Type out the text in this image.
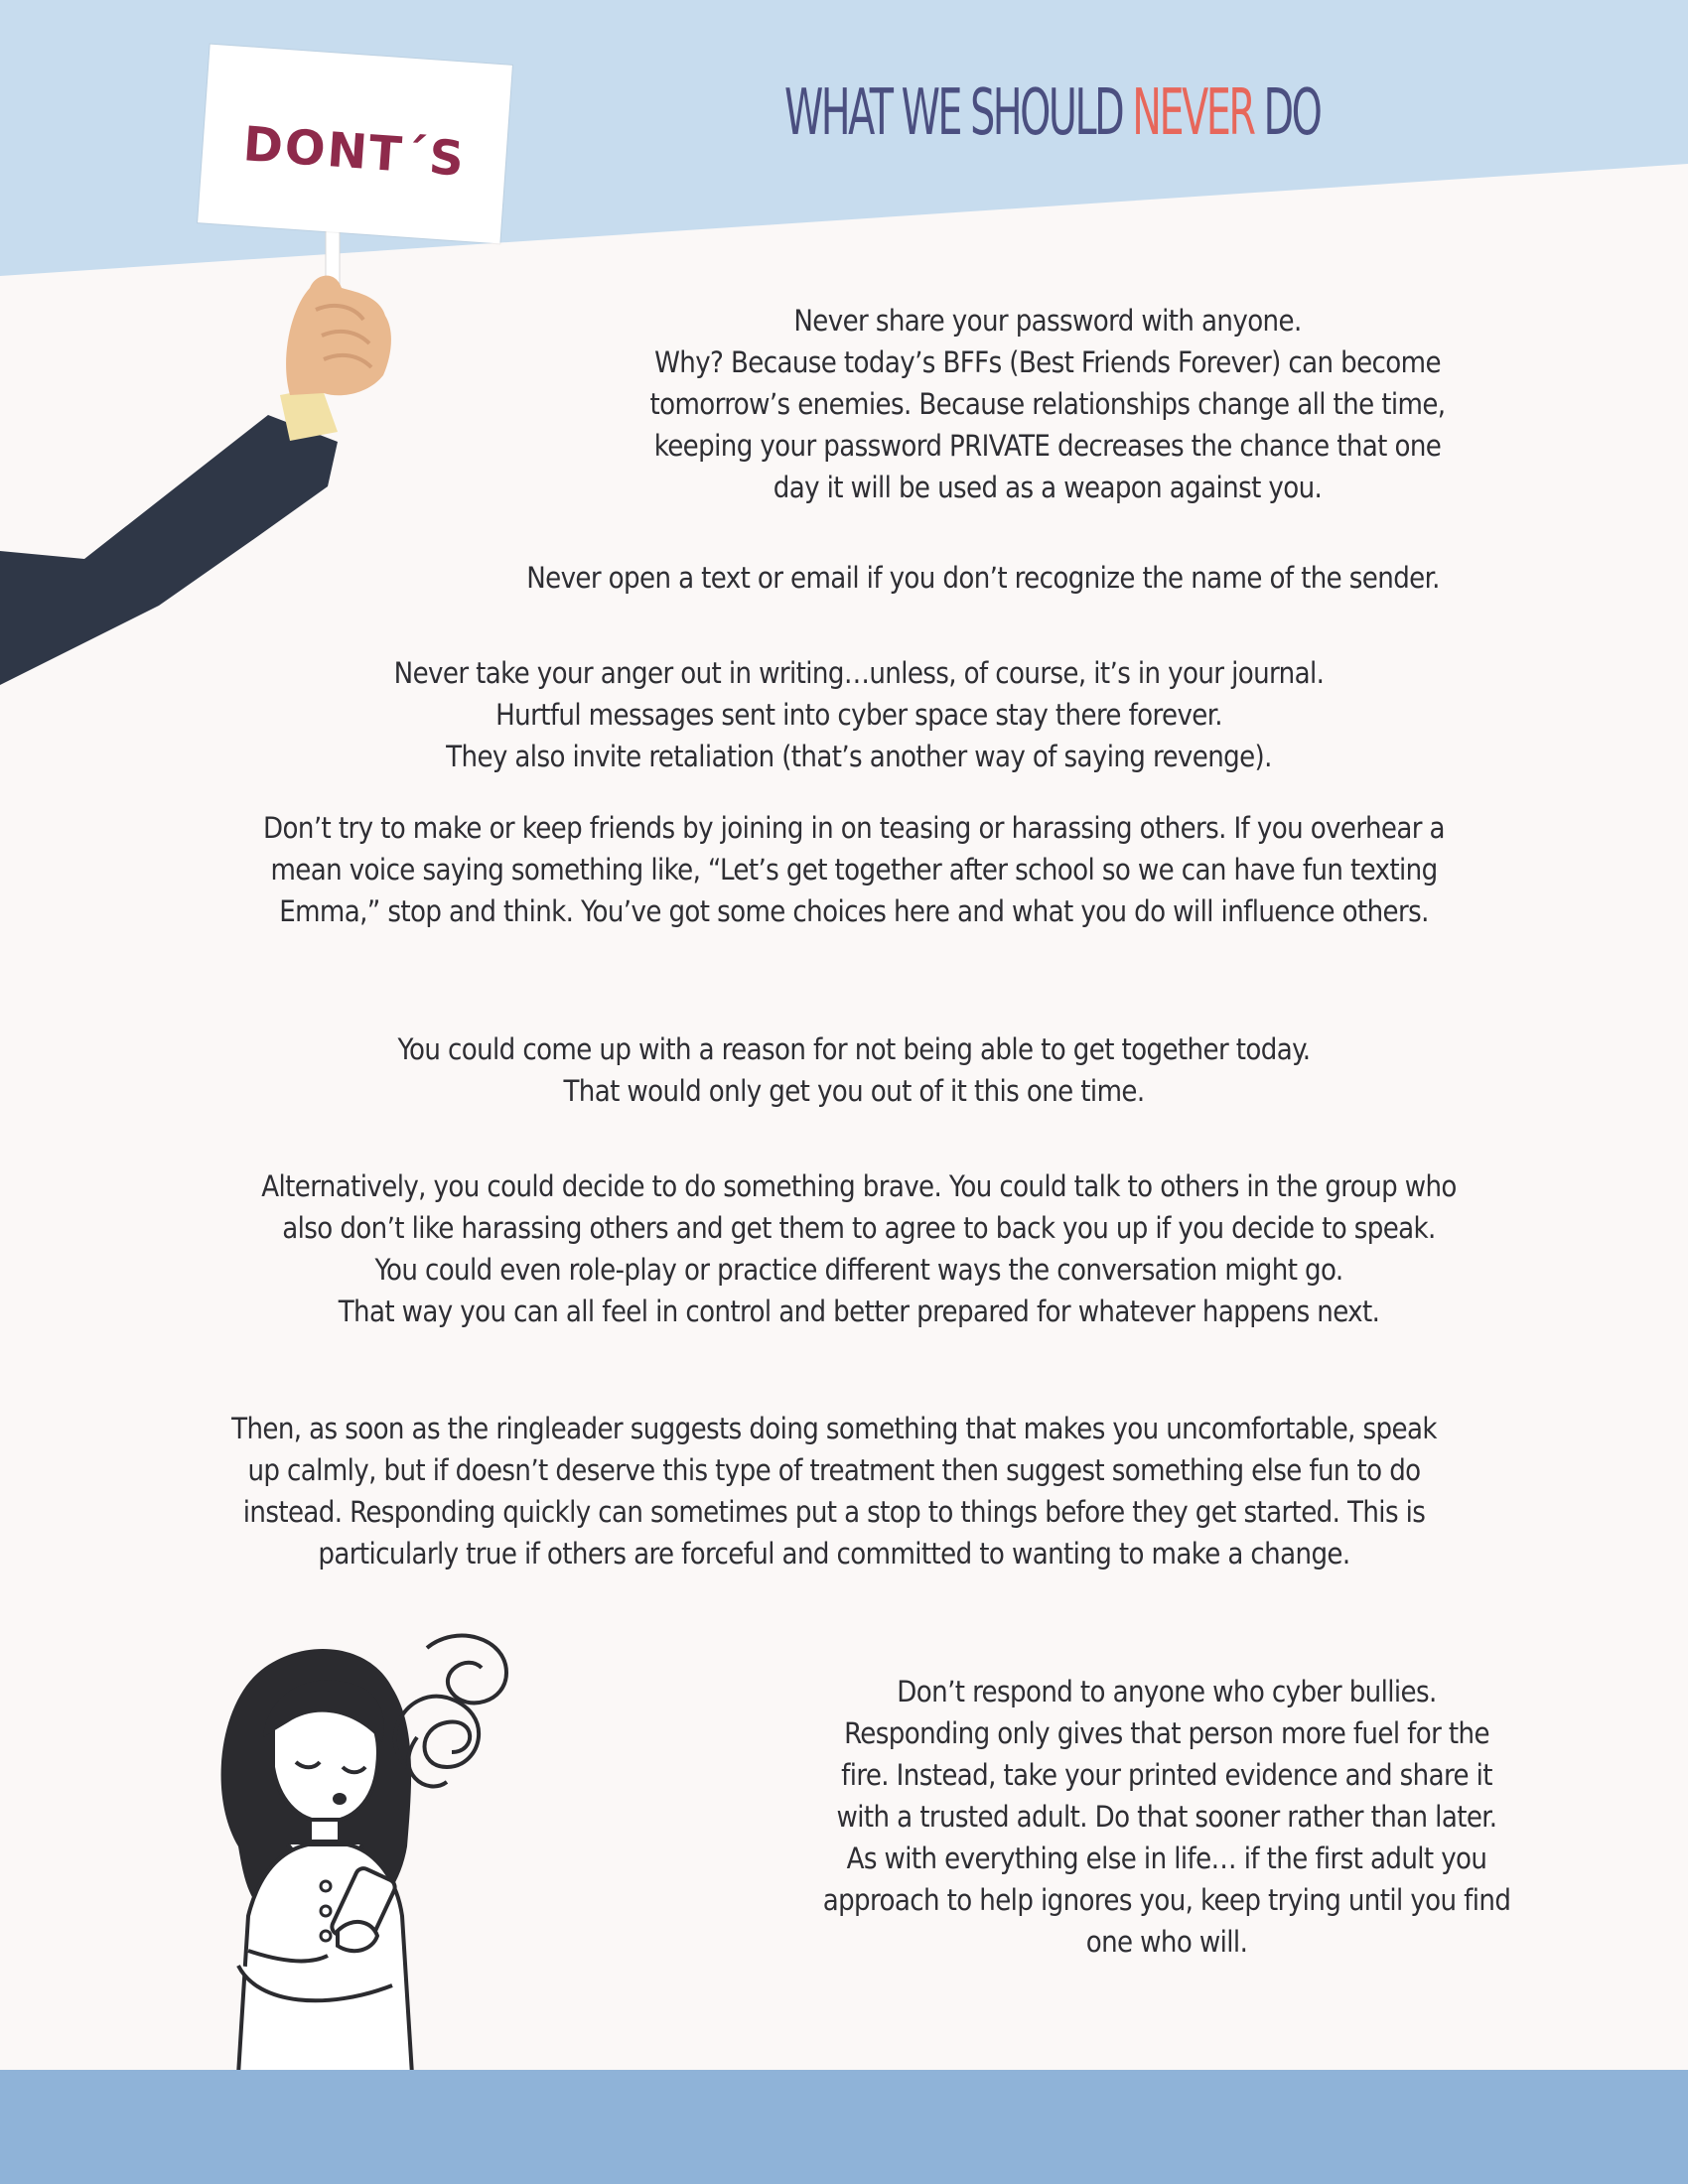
WHAT WE SHOULD NEVER DO
DONT´S
Never share your password with anyone.
Why? Because today’s BFFs (Best Friends Forever) can become
tomorrow’s enemies. Because relationships change all the time,
keeping your password PRIVATE decreases the chance that one
day it will be used as a weapon against you.
Never open a text or email if you don’t recognize the name of the sender.
Never take your anger out in writing…unless, of course, it’s in your journal.
Hurtful messages sent into cyber space stay there forever.
They also invite retaliation (that’s another way of saying revenge).
Don’t try to make or keep friends by joining in on teasing or harassing others. If you overhear a
mean voice saying something like, “Let’s get together after school so we can have fun texting
Emma,” stop and think. You’ve got some choices here and what you do will influence others.
You could come up with a reason for not being able to get together today.
That would only get you out of it this one time.
Alternatively, you could decide to do something brave. You could talk to others in the group who
also don’t like harassing others and get them to agree to back you up if you decide to speak.
You could even role-play or practice different ways the conversation might go.
That way you can all feel in control and better prepared for whatever happens next.
Then, as soon as the ringleader suggests doing something that makes you uncomfortable, speak
up calmly, but if doesn’t deserve this type of treatment then suggest something else fun to do
instead. Responding quickly can sometimes put a stop to things before they get started. This is
particularly true if others are forceful and committed to wanting to make a change.
Don’t respond to anyone who cyber bullies.
Responding only gives that person more fuel for the
fire. Instead, take your printed evidence and share it
with a trusted adult. Do that sooner rather than later.
As with everything else in life… if the first adult you
approach to help ignores you, keep trying until you find
one who will.
